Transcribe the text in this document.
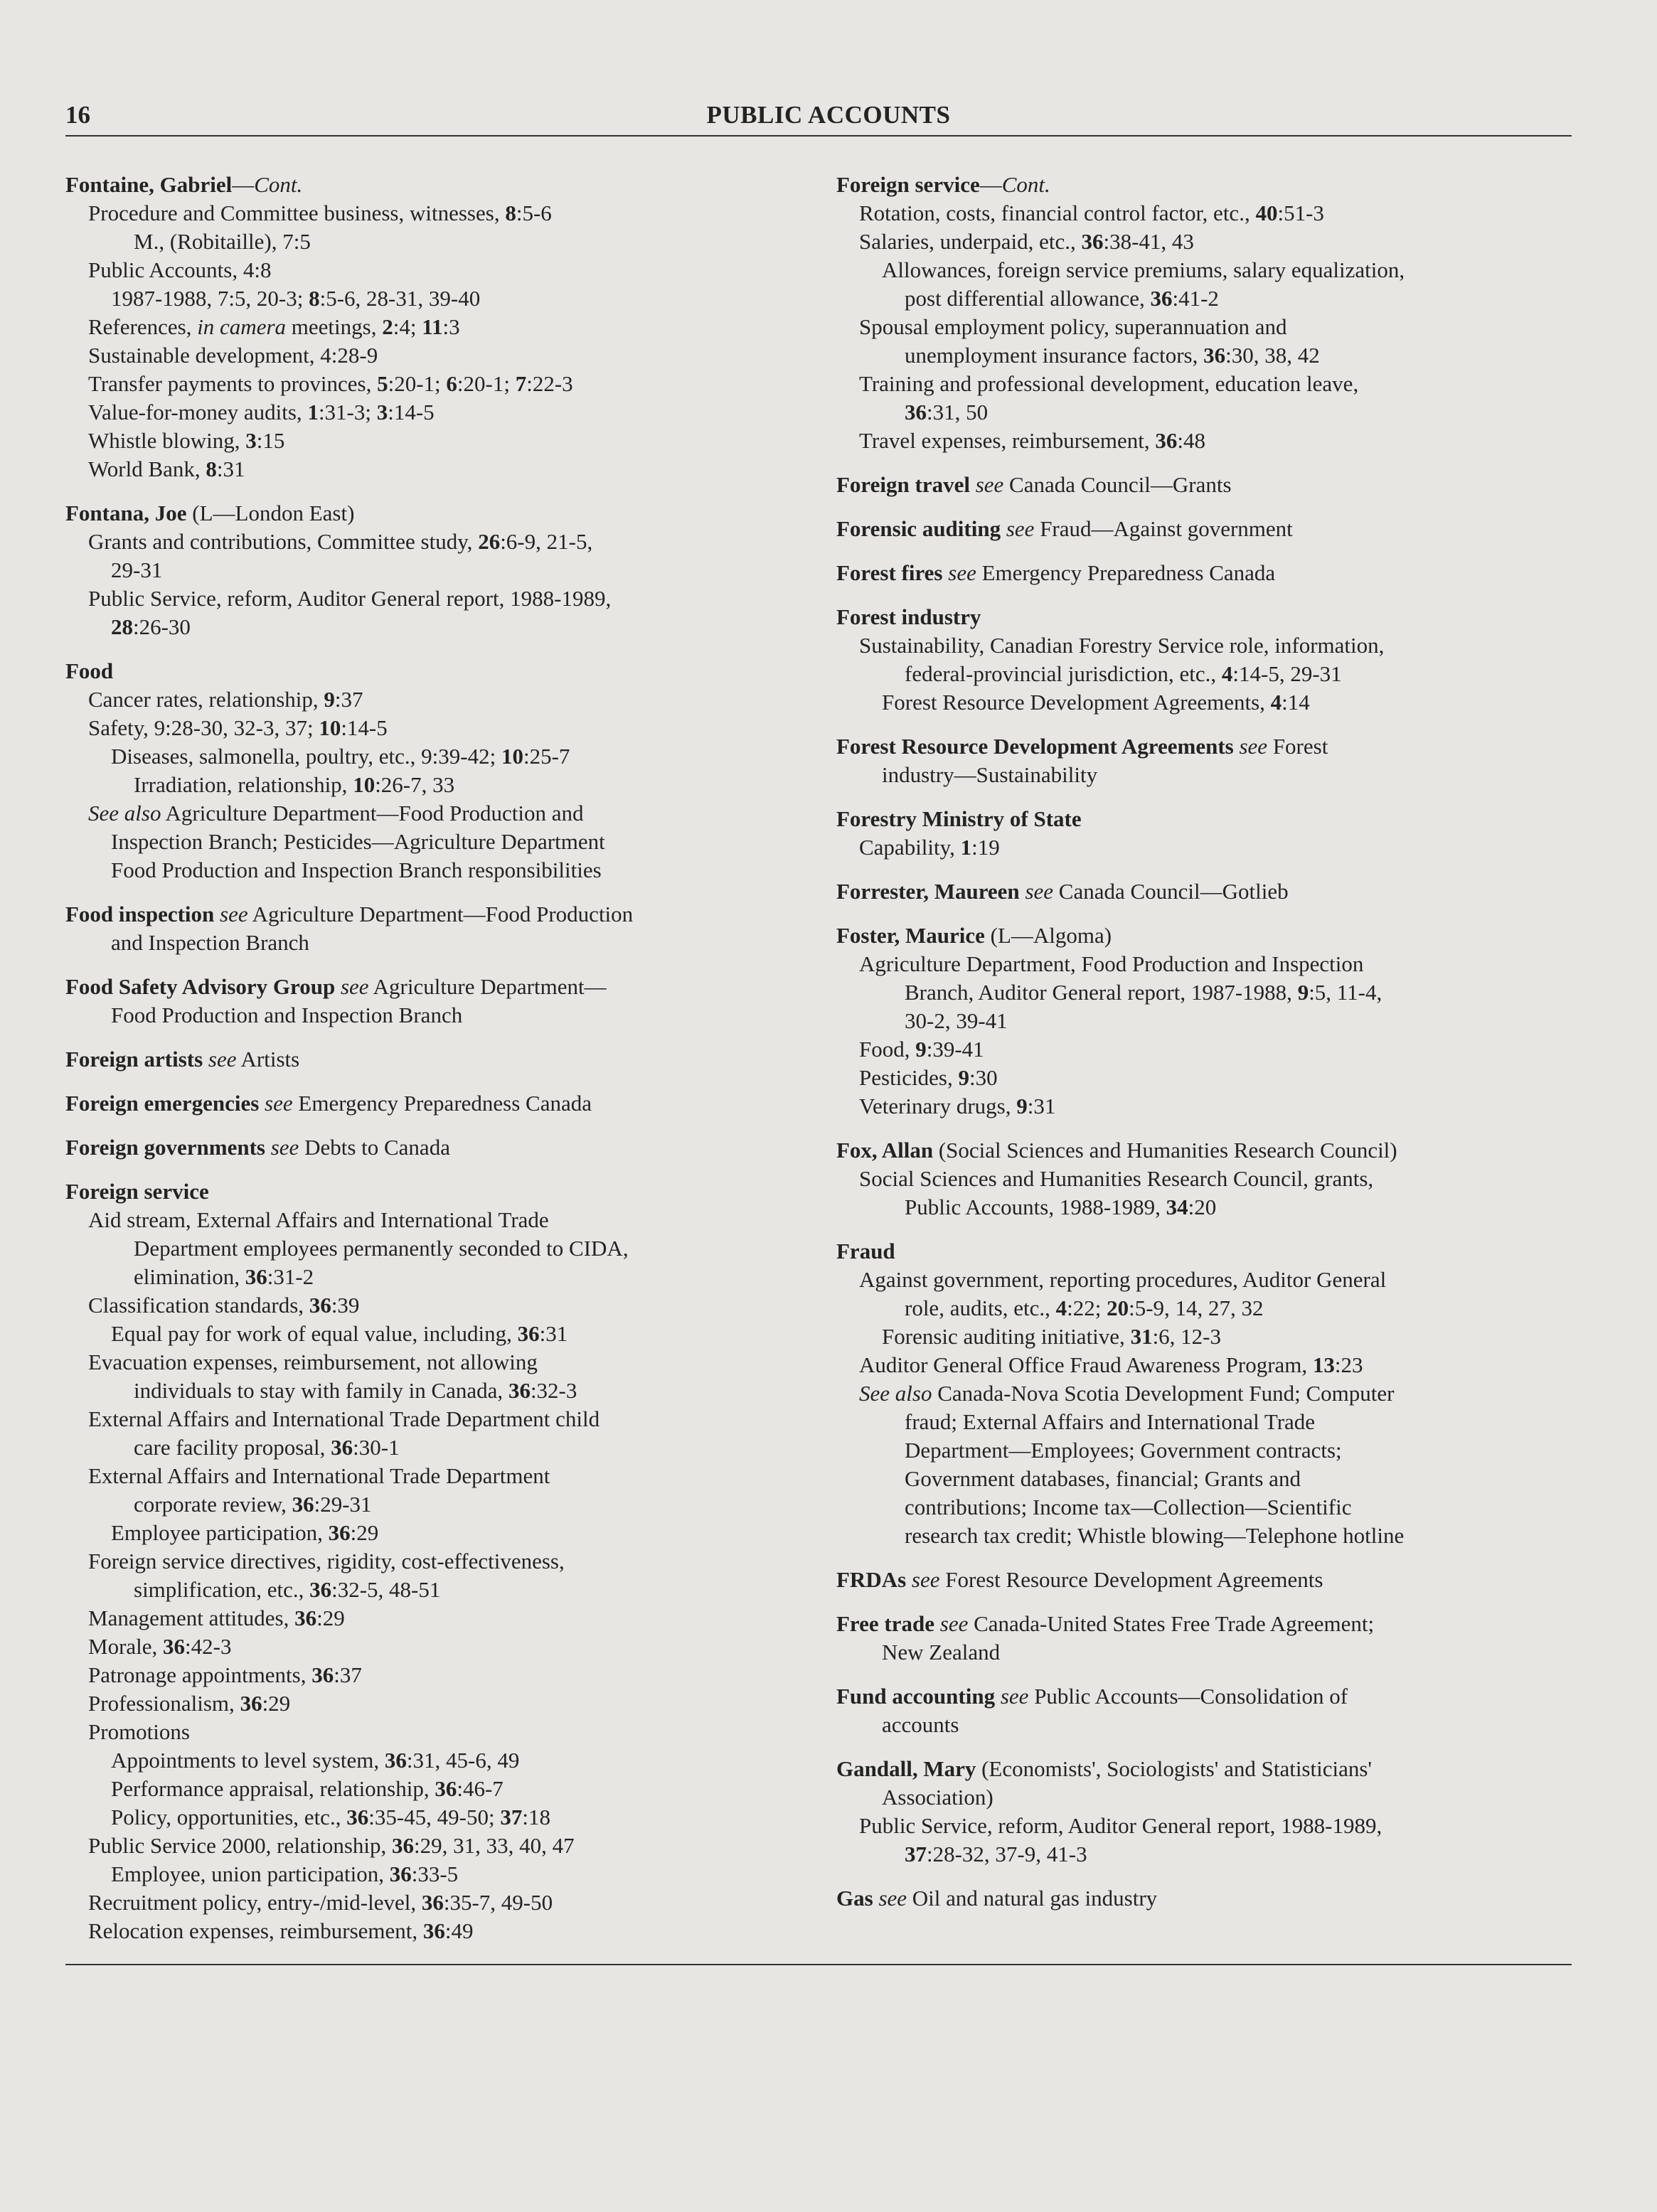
16	PUBLIC ACCOUNTS
Fontaine, Gabriel—Cont.
Procedure and Committee business, witnesses, 8:5-6
M., (Robitaille), 7:5
Public Accounts, 4:8
1987-1988, 7:5, 20-3; 8:5-6, 28-31, 39-40
References, in camera meetings, 2:4; 11:3
Sustainable development, 4:28-9
Transfer payments to provinces, 5:20-1; 6:20-1; 7:22-3
Value-for-money audits, 1:31-3; 3:14-5
Whistle blowing, 3:15
World Bank, 8:31
Fontana, Joe (L—London East)
Grants and contributions, Committee study, 26:6-9, 21-5,
29-31
Public Service, reform, Auditor General report, 1988-1989,
28:26-30
Food
Cancer rates, relationship, 9:37
Safety, 9:28-30, 32-3, 37; 10:14-5
Diseases, salmonella, poultry, etc., 9:39-42; 10:25-7
Irradiation, relationship, 10:26-7, 33
See also Agriculture Department—Food Production and
Inspection Branch; Pesticides—Agriculture Department
Food Production and Inspection Branch responsibilities
Food inspection see Agriculture Department—Food Production
and Inspection Branch
Food Safety Advisory Group see Agriculture Department—
Food Production and Inspection Branch
Foreign artists see Artists
Foreign emergencies see Emergency Preparedness Canada
Foreign governments see Debts to Canada
Foreign service
Aid stream, External Affairs and International Trade
Department employees permanently seconded to CIDA,
elimination, 36:31-2
Classification standards, 36:39
Equal pay for work of equal value, including, 36:31
Evacuation expenses, reimbursement, not allowing
individuals to stay with family in Canada, 36:32-3
External Affairs and International Trade Department child
care facility proposal, 36:30-1
External Affairs and International Trade Department
corporate review, 36:29-31
Employee participation, 36:29
Foreign service directives, rigidity, cost-effectiveness,
simplification, etc., 36:32-5, 48-51
Management attitudes, 36:29
Morale, 36:42-3
Patronage appointments, 36:37
Professionalism, 36:29
Promotions
Appointments to level system, 36:31, 45-6, 49
Performance appraisal, relationship, 36:46-7
Policy, opportunities, etc., 36:35-45, 49-50; 37:18
Public Service 2000, relationship, 36:29, 31, 33, 40, 47
Employee, union participation, 36:33-5
Recruitment policy, entry-/mid-level, 36:35-7, 49-50
Relocation expenses, reimbursement, 36:49
Foreign service—Cont.
Rotation, costs, financial control factor, etc., 40:51-3
Salaries, underpaid, etc., 36:38-41, 43
Allowances, foreign service premiums, salary equalization,
post differential allowance, 36:41-2
Spousal employment policy, superannuation and
unemployment insurance factors, 36:30, 38, 42
Training and professional development, education leave,
36:31, 50
Travel expenses, reimbursement, 36:48
Foreign travel see Canada Council—Grants
Forensic auditing see Fraud—Against government
Forest fires see Emergency Preparedness Canada
Forest industry
Sustainability, Canadian Forestry Service role, information,
federal-provincial jurisdiction, etc., 4:14-5, 29-31
Forest Resource Development Agreements, 4:14
Forest Resource Development Agreements see Forest
industry—Sustainability
Forestry Ministry of State
Capability, 1:19
Forrester, Maureen see Canada Council—Gotlieb
Foster, Maurice (L—Algoma)
Agriculture Department, Food Production and Inspection
Branch, Auditor General report, 1987-1988, 9:5, 11-4,
30-2, 39-41
Food, 9:39-41
Pesticides, 9:30
Veterinary drugs, 9:31
Fox, Allan (Social Sciences and Humanities Research Council)
Social Sciences and Humanities Research Council, grants,
Public Accounts, 1988-1989, 34:20
Fraud
Against government, reporting procedures, Auditor General
role, audits, etc., 4:22; 20:5-9, 14, 27, 32
Forensic auditing initiative, 31:6, 12-3
Auditor General Office Fraud Awareness Program, 13:23
See also Canada-Nova Scotia Development Fund; Computer
fraud; External Affairs and International Trade
Department—Employees; Government contracts;
Government databases, financial; Grants and
contributions; Income tax—Collection—Scientific
research tax credit; Whistle blowing—Telephone hotline
FRDAs see Forest Resource Development Agreements
Free trade see Canada-United States Free Trade Agreement;
New Zealand
Fund accounting see Public Accounts—Consolidation of
accounts
Gandall, Mary (Economists', Sociologists' and Statisticians'
Association)
Public Service, reform, Auditor General report, 1988-1989,
37:28-32, 37-9, 41-3
Gas see Oil and natural gas industry
